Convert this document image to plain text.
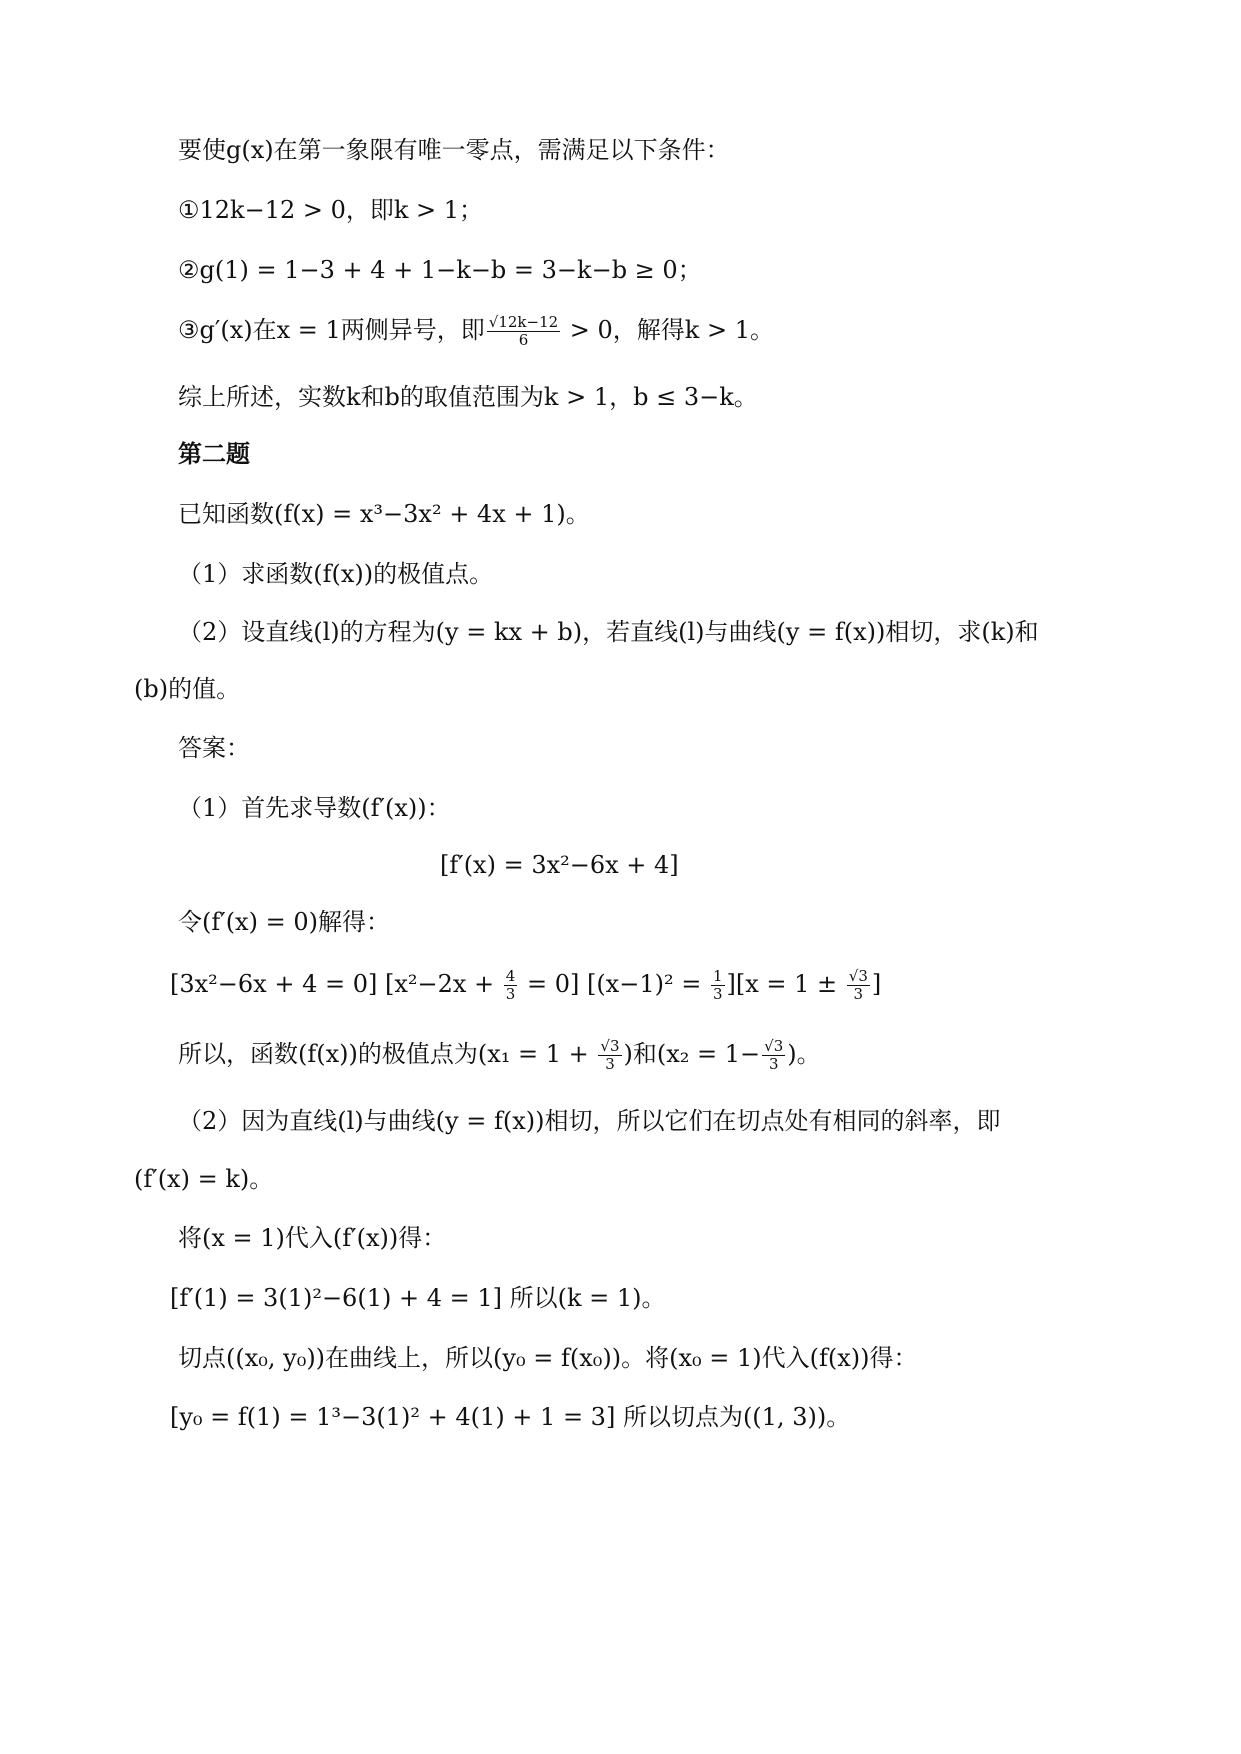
要使g(x)在第一象限有唯一零点，需满足以下条件：
①12k−12 > 0，即k > 1；
②g(1) = 1−3 + 4 + 1−k−b = 3−k−b ≥ 0；
③g′(x)在x = 1两侧异号，即 $\frac{√12k-12}{6} > 0$，解得k > 1。
综上所述，实数k和b的取值范围为k > 1，b ≤ 3−k。
第二题
已知函数(f(x) = x³−3x² + 4x + 1)。
（1）求函数(f(x))的极值点。
（2）设直线(l)的方程为(y = kx + b)，若直线(l)与曲线(y = f(x))相切，求(k)和
(b)的值。
答案：
（1）首先求导数(f′(x))：
[f′(x) = 3x²−6x + 4]
令(f′(x) = 0)解得：
[3x²−6x + 4 = 0] $[x^2-2x + \frac{4}{3} = 0]$ $[(x-1)^2 = \frac{1}{3} ][x = 1 \pm \frac{√3}{3}$ ]
所以，函数(f(x))的极值点为($x_1 = 1 + \frac{√3}{3}$ )和($x_2 = 1- \frac{√3}{3}$ )。
（2）因为直线(l)与曲线(y = f(x))相切，所以它们在切点处有相同的斜率，即
(f′(x) = k)。
将(x = 1)代入(f′(x))得：
[f′(1) = 3(1)²−6(1) + 4 = 1] 所以(k = 1)。
切点((x₀, y₀))在曲线上，所以(y₀ = f(x₀))。将(x₀ = 1)代入(f(x))得：
[y₀ = f(1) = 1³−3(1)² + 4(1) + 1 = 3] 所以切点为((1, 3))。
